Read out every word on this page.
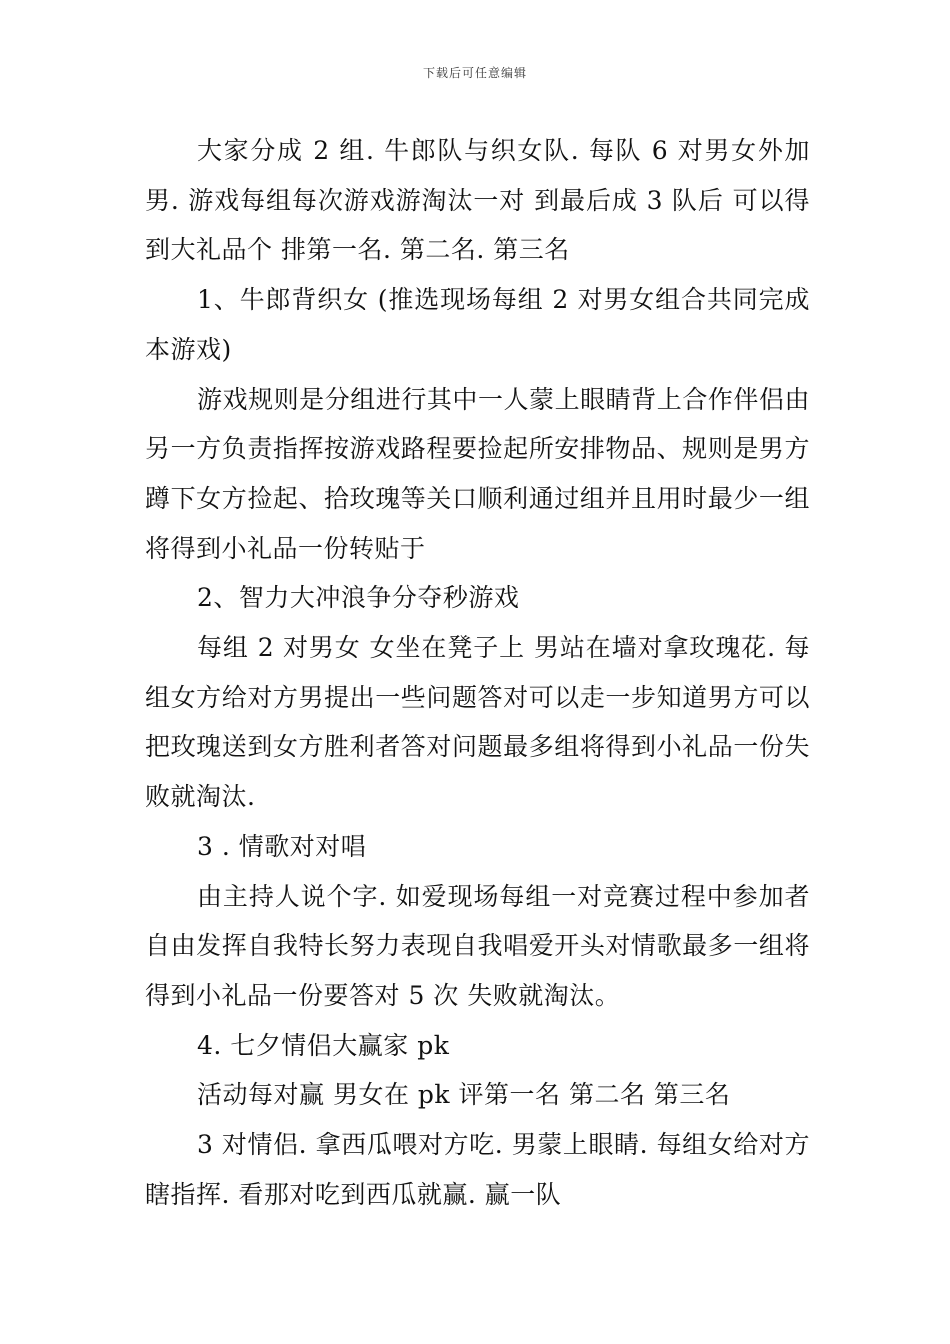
下载后可任意编辑

大家分成 2 组. 牛郎队与织女队. 每队 6 对男女外加男. 游戏每组每次游戏游淘汰一对 到最后成 3 队后 可以得到大礼品个 排第一名. 第二名. 第三名

1、牛郎背织女 (推选现场每组 2 对男女组合共同完成本游戏)

游戏规则是分组进行其中一人蒙上眼睛背上合作伴侣由另一方负责指挥按游戏路程要捡起所安排物品、规则是男方蹲下女方捡起、拾玫瑰等关口顺利通过组并且用时最少一组将得到小礼品一份转贴于

2、智力大冲浪争分夺秒游戏

每组 2 对男女 女坐在凳子上 男站在墙对拿玫瑰花. 每组女方给对方男提出一些问题答对可以走一步知道男方可以把玫瑰送到女方胜利者答对问题最多组将得到小礼品一份失败就淘汰.

3 . 情歌对对唱

由主持人说个字. 如爱现场每组一对竞赛过程中参加者自由发挥自我特长努力表现自我唱爱开头对情歌最多一组将得到小礼品一份要答对 5 次 失败就淘汰。

4. 七夕情侣大赢家 pk

活动每对赢 男女在 pk 评第一名 第二名 第三名

3 对情侣. 拿西瓜喂对方吃. 男蒙上眼睛. 每组女给对方瞎指挥. 看那对吃到西瓜就赢. 赢一队
